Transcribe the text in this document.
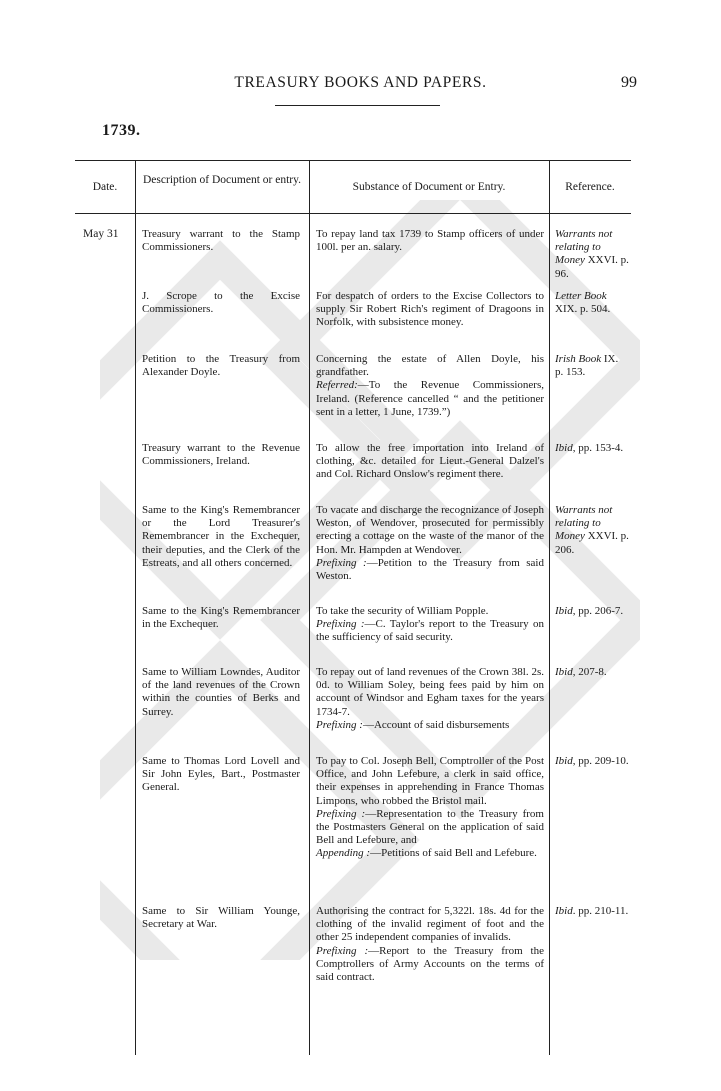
TREASURY BOOKS AND PAPERS.	99
1739.
Date.
Description of Document or entry.
Substance of Document or Entry.	Reference.
May 31 Treasury warrant to the Stamp Commissioners.
To repay land tax 1739 to Stamp officers of under 100l. per an. salary.
Warrants not relating to Money XXVI. p. 96.
J. Scrope to the Excise Commissioners.
For despatch of orders to the Excise Collectors to supply Sir Robert Rich's regiment of Dragoons in Norfolk, with subsistence money.
Letter Book XIX. p. 504.
Petition to the Treasury from Alexander Doyle.
Concerning the estate of Allen Doyle, his grandfather.
Referred:—To the Revenue Commissioners, Ireland. (Reference cancelled “ and the petitioner sent in a letter, 1 June, 1739.”)
Irish Book IX. p. 153.
Treasury warrant to the Revenue Commissioners, Ireland.
To allow the free importation into Ireland of clothing, &c. detailed for Lieut.-General Dalzel's and Col. Richard Onslow's regiment there.
Ibid, pp. 153-4.
Same to the King's Remembrancer or the Lord Treasurer's Remembrancer in the Exchequer, their deputies, and the Clerk of the Estreats, and all others concerned.
To vacate and discharge the recognizance of Joseph Weston, of Wendover, prosecuted for permissibly erecting a cottage on the waste of the manor of the Hon. Mr. Hampden at Wendover.
Prefixing :—Petition to the Treasury from said Weston.
Warrants not relating to Money XXVI. p. 206.
Same to the King's Remembrancer in the Exchequer.
To take the security of William Popple.
Prefixing :—C. Taylor's report to the Treasury on the sufficiency of said security.
Ibid, pp. 206-7.
Same to William Lowndes, Auditor of the land revenues of the Crown within the counties of Berks and Surrey.
To repay out of land revenues of the Crown 38l. 2s. 0d. to William Soley, being fees paid by him on account of Windsor and Egham taxes for the years 1734-7.
Prefixing :—Account of said disbursements
Ibid, 207-8.
Same to Thomas Lord Lovell and Sir John Eyles, Bart., Postmaster General.
To pay to Col. Joseph Bell, Comptroller of the Post Office, and John Lefebure, a clerk in said office, their expenses in apprehending in France Thomas Limpons, who robbed the Bristol mail.
Prefixing :—Representation to the Treasury from the Postmasters General on the application of said Bell and Lefebure, and
Appending :—Petitions of said Bell and Lefebure.
Ibid, pp. 209-10.
Same to Sir William Younge, Secretary at War.
Authorising the contract for 5,322l. 18s. 4d for the clothing of the invalid regiment of foot and the other 25 independent companies of invalids.
Prefixing :—Report to the Treasury from the Comptrollers of Army Accounts on the terms of said contract.
Ibid. pp. 210-11.
